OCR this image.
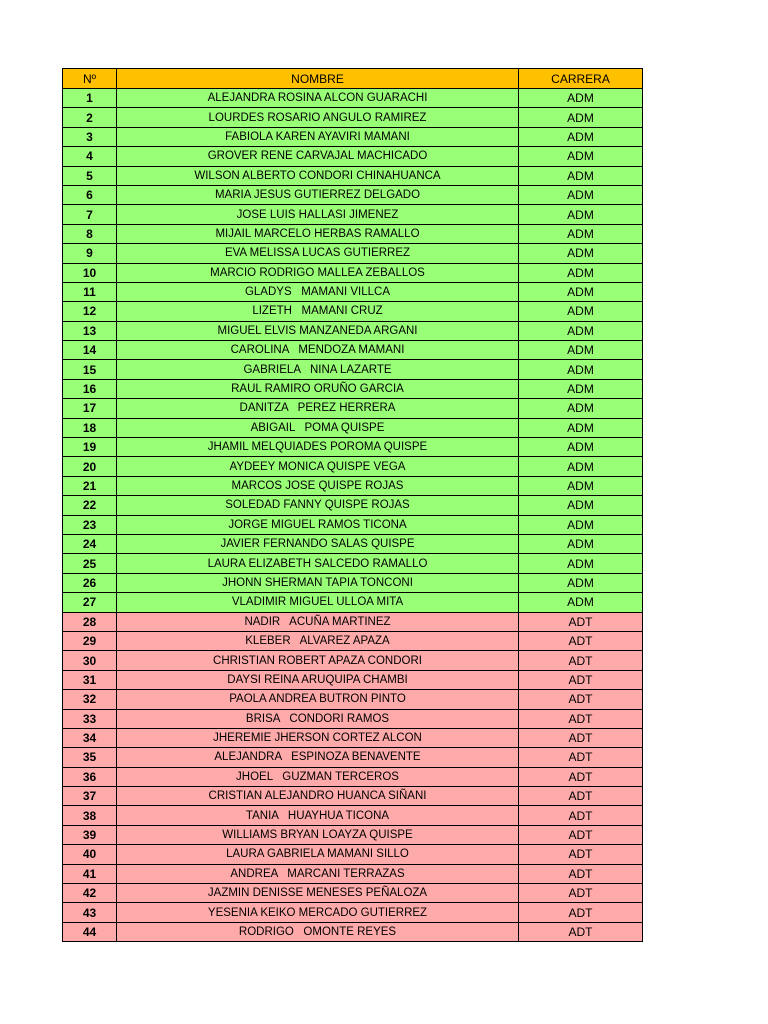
Nº	NOMBRE	CARRERA
1	ALEJANDRA ROSINA ALCON GUARACHI	ADM
2	LOURDES ROSARIO ANGULO RAMIREZ	ADM
3	FABIOLA KAREN AYAVIRI MAMANI	ADM
4	GROVER RENE CARVAJAL MACHICADO	ADM
5	WILSON ALBERTO CONDORI CHINAHUANCA	ADM
6	MARIA JESUS GUTIERREZ DELGADO	ADM
7	JOSE LUIS HALLASI JIMENEZ	ADM
8	MIJAIL MARCELO HERBAS RAMALLO	ADM
9	EVA MELISSA LUCAS GUTIERREZ	ADM
10	MARCIO RODRIGO MALLEA ZEBALLOS	ADM
11	GLADYS   MAMANI VILLCA	ADM
12	LIZETH   MAMANI CRUZ	ADM
13	MIGUEL ELVIS MANZANEDA ARGANI	ADM
14	CAROLINA   MENDOZA MAMANI	ADM
15	GABRIELA   NINA LAZARTE	ADM
16	RAUL RAMIRO ORUÑO GARCIA	ADM
17	DANITZA   PEREZ HERRERA	ADM
18	ABIGAIL   POMA QUISPE	ADM
19	JHAMIL MELQUIADES POROMA QUISPE	ADM
20	AYDEEY MONICA QUISPE VEGA	ADM
21	MARCOS JOSE QUISPE ROJAS	ADM
22	SOLEDAD FANNY QUISPE ROJAS	ADM
23	JORGE MIGUEL RAMOS TICONA	ADM
24	JAVIER FERNANDO SALAS QUISPE	ADM
25	LAURA ELIZABETH SALCEDO RAMALLO	ADM
26	JHONN SHERMAN TAPIA TONCONI	ADM
27	VLADIMIR MIGUEL ULLOA MITA	ADM
28	NADIR   ACUÑA MARTINEZ	ADT
29	KLEBER   ALVAREZ APAZA	ADT
30	CHRISTIAN ROBERT APAZA CONDORI	ADT
31	DAYSI REINA ARUQUIPA CHAMBI	ADT
32	PAOLA ANDREA BUTRON PINTO	ADT
33	BRISA   CONDORI RAMOS	ADT
34	JHEREMIE JHERSON CORTEZ ALCON	ADT
35	ALEJANDRA   ESPINOZA BENAVENTE	ADT
36	JHOEL   GUZMAN TERCEROS	ADT
37	CRISTIAN ALEJANDRO HUANCA SIÑANI	ADT
38	TANIA   HUAYHUA TICONA	ADT
39	WILLIAMS BRYAN LOAYZA QUISPE	ADT
40	LAURA GABRIELA MAMANI SILLO	ADT
41	ANDREA   MARCANI TERRAZAS	ADT
42	JAZMIN DENISSE MENESES PEÑALOZA	ADT
43	YESENIA KEIKO MERCADO GUTIERREZ	ADT
44	RODRIGO   OMONTE REYES	ADT
